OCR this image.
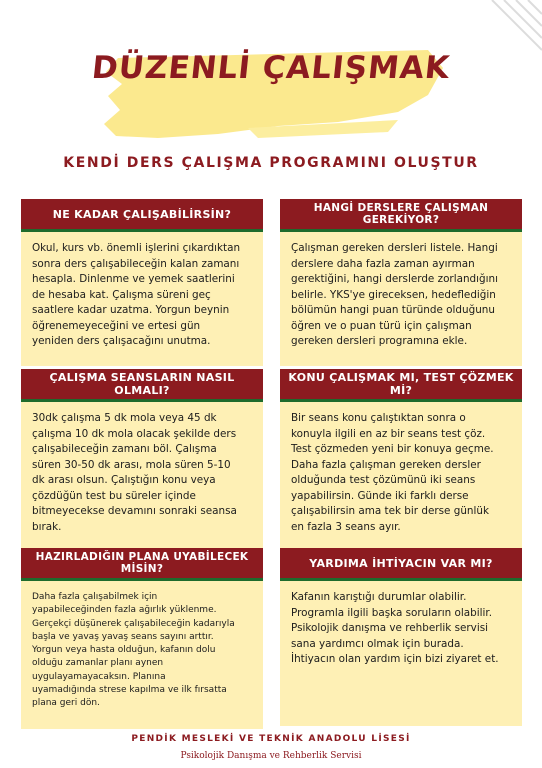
DÜZENLİ ÇALIŞMAK
KENDİ DERS ÇALIŞMA PROGRAMINI OLUŞTUR
NE KADAR ÇALIŞABİLİRSİN?
Okul, kurs vb. önemli işlerini çıkardıktan
sonra ders çalışabileceğin kalan zamanı
hesapla. Dinlenme ve yemek saatlerini
de hesaba kat. Çalışma süreni geç
saatlere kadar uzatma. Yorgun beynin
öğrenemeyeceğini ve ertesi gün
yeniden ders çalışacağını unutma.
HANGİ DERSLERE ÇALIŞMAN GEREKİYOR?
Çalışman gereken dersleri listele. Hangi
derslere daha fazla zaman ayırman
gerektiğini, hangi derslerde zorlandığını
belirle. YKS'ye gireceksen, hedeflediğin
bölümün hangi puan türünde olduğunu
öğren ve o puan türü için çalışman
gereken dersleri programına ekle.
ÇALIŞMA SEANSLARIN NASIL OLMALI?
30dk çalışma 5 dk mola veya 45 dk
çalışma 10 dk mola olacak şekilde ders
çalışabileceğin zamanı böl. Çalışma
süren 30-50 dk arası, mola süren 5-10
dk arası olsun. Çalıştığın konu veya
çözdüğün test bu süreler içinde
bitmeyecekse devamını sonraki seansa
bırak.
KONU ÇALIŞMAK MI, TEST ÇÖZMEK Mİ?
Bir seans konu çalıştıktan sonra o
konuyla ilgili en az bir seans test çöz.
Test çözmeden yeni bir konuya geçme.
Daha fazla çalışman gereken dersler
olduğunda test çözümünü iki seans
yapabilirsin. Günde iki farklı derse
çalışabilirsin ama tek bir derse günlük
en fazla 3 seans ayır.
HAZIRLADIĞIN PLANA UYABİLECEK MİSİN?
Daha fazla çalışabilmek için
yapabileceğinden fazla ağırlık yüklenme.
Gerçekçi düşünerek çalışabileceğin kadarıyla
başla ve yavaş yavaş seans sayını arttır.
Yorgun veya hasta olduğun, kafanın dolu
olduğu zamanlar planı aynen
uygulayamayacaksın. Planına
uyamadığında strese kapılma ve ilk fırsatta
plana geri dön.
YARDIMA İHTİYACIN VAR MI?
Kafanın karıştığı durumlar olabilir.
Programla ilgili başka soruların olabilir.
Psikolojik danışma ve rehberlik servisi
sana yardımcı olmak için burada.
İhtiyacın olan yardım için bizi ziyaret et.
PENDİK MESLEKİ VE TEKNİK ANADOLU LİSESİ
Psikolojik Danışma ve Rehberlik Servisi
